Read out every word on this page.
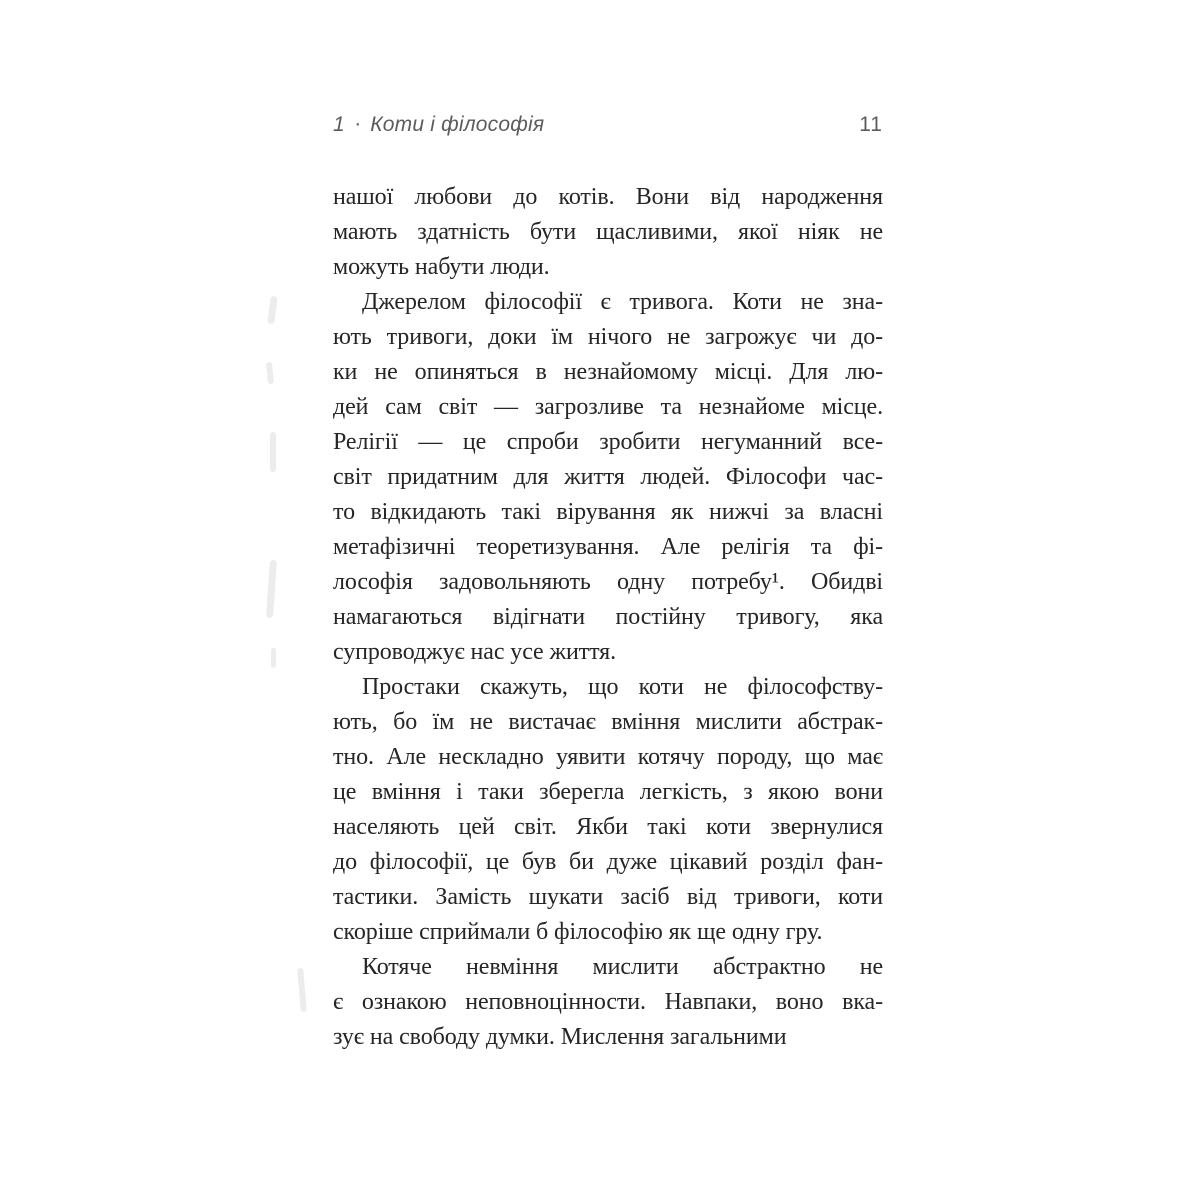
1 · Коти і філософія	11
нашої любови до котів. Вони від народження
мають здатність бути щасливими, якої ніяк не
можуть набути люди.
Джерелом філософії є тривога. Коти не зна-
ють тривоги, доки їм нічого не загрожує чи до-
ки не опиняться в незнайомому місці. Для лю-
дей сам світ — загрозливе та незнайоме місце.
Релігії — це спроби зробити негуманний все-
світ придатним для життя людей. Філософи час-
то відкидають такі вірування як нижчі за власні
метафізичні теоретизування. Але релігія та фі-
лософія задовольняють одну потребу¹. Обидві
намагаються відігнати постійну тривогу, яка
супроводжує нас усе життя.
Простаки скажуть, що коти не філософству-
ють, бо їм не вистачає вміння мислити абстрак-
тно. Але нескладно уявити котячу породу, що має
це вміння і таки зберегла легкість, з якою вони
населяють цей світ. Якби такі коти звернулися
до філософії, це був би дуже цікавий розділ фан-
тастики. Замість шукати засіб від тривоги, коти
скоріше сприймали б філософію як ще одну гру.
Котяче невміння мислити абстрактно не
є ознакою неповноцінности. Навпаки, воно вка-
зує на свободу думки. Мислення загальними
